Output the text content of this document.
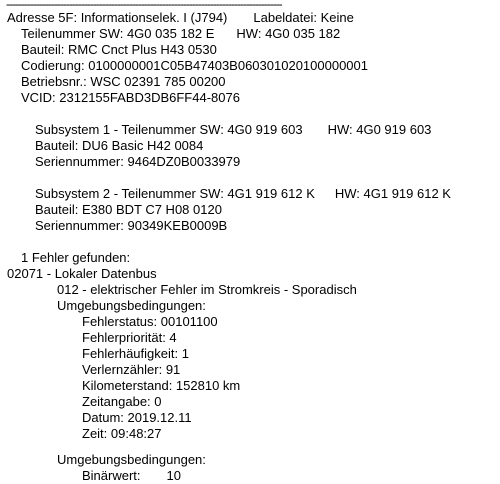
--------------------------------------------------------------------------------------------
Adresse 5F: Informationselek. I (J794) Labeldatei: Keine
Teilenummer SW: 4G0 035 182 E HW: 4G0 035 182
Bauteil: RMC Cnct Plus H43 0530
Codierung: 0100000001C05B47403B060301020100000001
Betriebsnr.: WSC 02391 785 00200
VCID: 2312155FABD3DB6FF44-8076
Subsystem 1 - Teilenummer SW: 4G0 919 603 HW: 4G0 919 603
Bauteil: DU6 Basic H42 0084
Seriennummer: 9464DZ0B0033979
Subsystem 2 - Teilenummer SW: 4G1 919 612 K HW: 4G1 919 612 K
Bauteil: E380 BDT C7 H08 0120
Seriennummer: 90349KEB0009B
1 Fehler gefunden:
02071 - Lokaler Datenbus
012 - elektrischer Fehler im Stromkreis - Sporadisch
Umgebungsbedingungen:
Fehlerstatus: 00101100
Fehlerpriorität: 4
Fehlerhäufigkeit: 1
Verlernzähler: 91
Kilometerstand: 152810 km
Zeitangabe: 0
Datum: 2019.12.11
Zeit: 09:48:27
Umgebungsbedingungen:
Binärwert: 10
